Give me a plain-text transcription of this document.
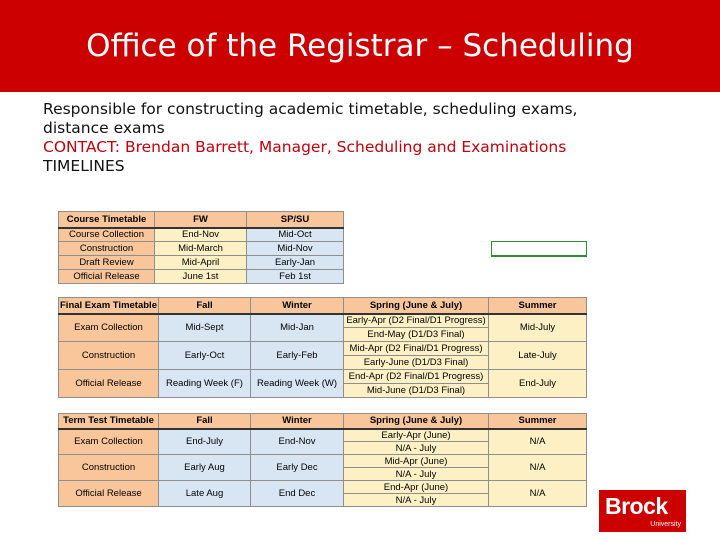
Office of the Registrar – Scheduling
Responsible for constructing academic timetable, scheduling exams,
distance exams
CONTACT: Brendan Barrett, Manager, Scheduling and Examinations
TIMELINES
Course Timetable	FW	SP/SU
Course Collection	End-Nov	Mid-Oct
Construction	Mid-March	Mid-Nov
Draft Review	Mid-April	Early-Jan
Official Release	June 1st	Feb 1st
Final Exam Timetable	Fall	Winter	Spring (June & July)	Summer
Exam Collection	Mid-Sept	Mid-Jan	Early-Apr (D2 Final/D1 Progress)	Mid-July
			End-May (D1/D3 Final)	
Construction	Early-Oct	Early-Feb	Mid-Apr (D2 Final/D1 Progress)	Late-July
			Early-June (D1/D3 Final)	
Official Release	Reading Week (F)	Reading Week (W)	End-Apr (D2 Final/D1 Progress)	End-July
			Mid-June (D1/D3 Final)	
Term Test Timetable	Fall	Winter	Spring (June & July)	Summer
Exam Collection	End-July	End-Nov	Early-Apr (June)	N/A
			N/A - July	
Construction	Early Aug	Early Dec	Mid-Apr (June)	N/A
			N/A - July	
Official Release	Late Aug	End Dec	End-Apr (June)	N/A
			N/A - July		Brock
University
